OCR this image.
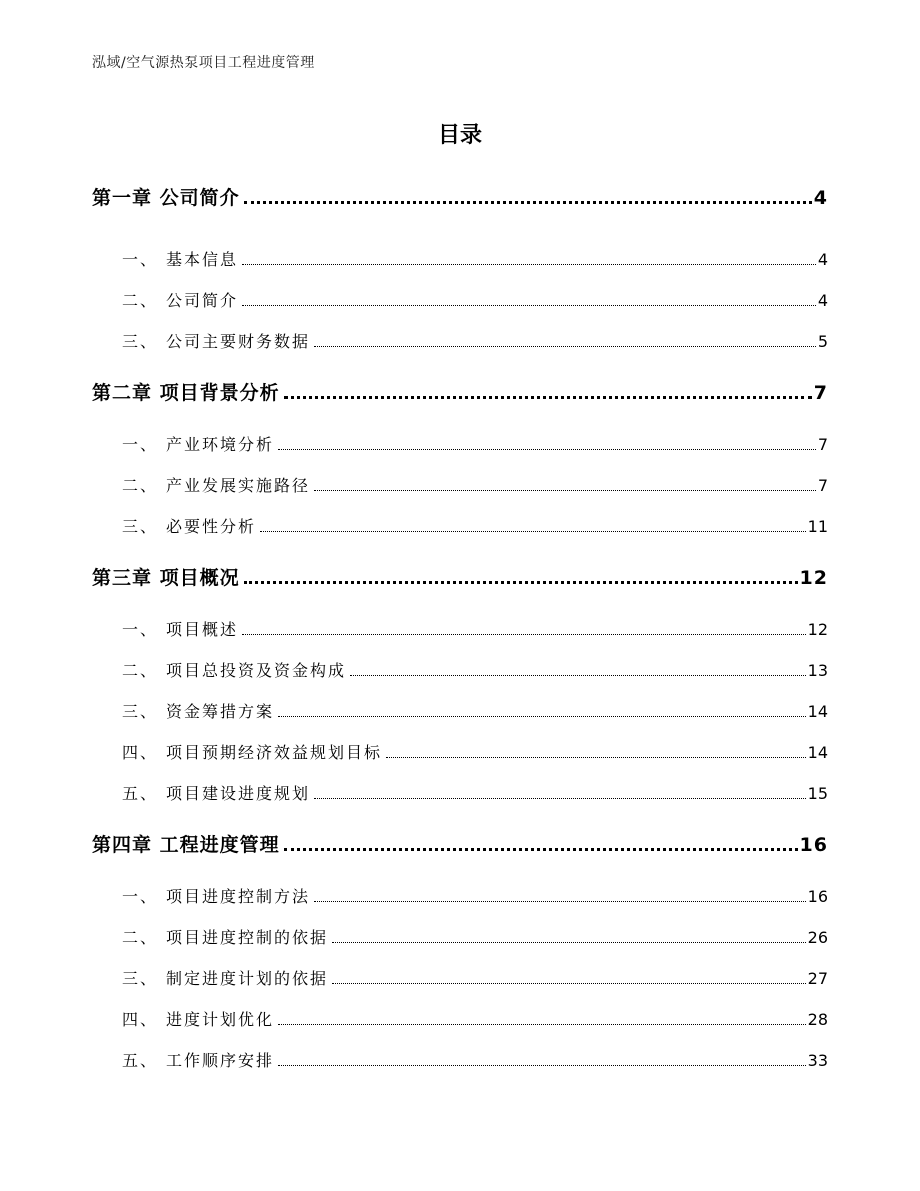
泓域/空气源热泵项目工程进度管理
目录
第一章 公司简介	4
一、 基本信息	4
二、 公司简介	4
三、 公司主要财务数据	5
第二章 项目背景分析	7
一、 产业环境分析	7
二、 产业发展实施路径	7
三、 必要性分析	11
第三章 项目概况	12
一、 项目概述	12
二、 项目总投资及资金构成	13
三、 资金筹措方案	14
四、 项目预期经济效益规划目标	14
五、 项目建设进度规划	15
第四章 工程进度管理	16
一、 项目进度控制方法	16
二、 项目进度控制的依据	26
三、 制定进度计划的依据	27
四、 进度计划优化	28
五、 工作顺序安排	33
